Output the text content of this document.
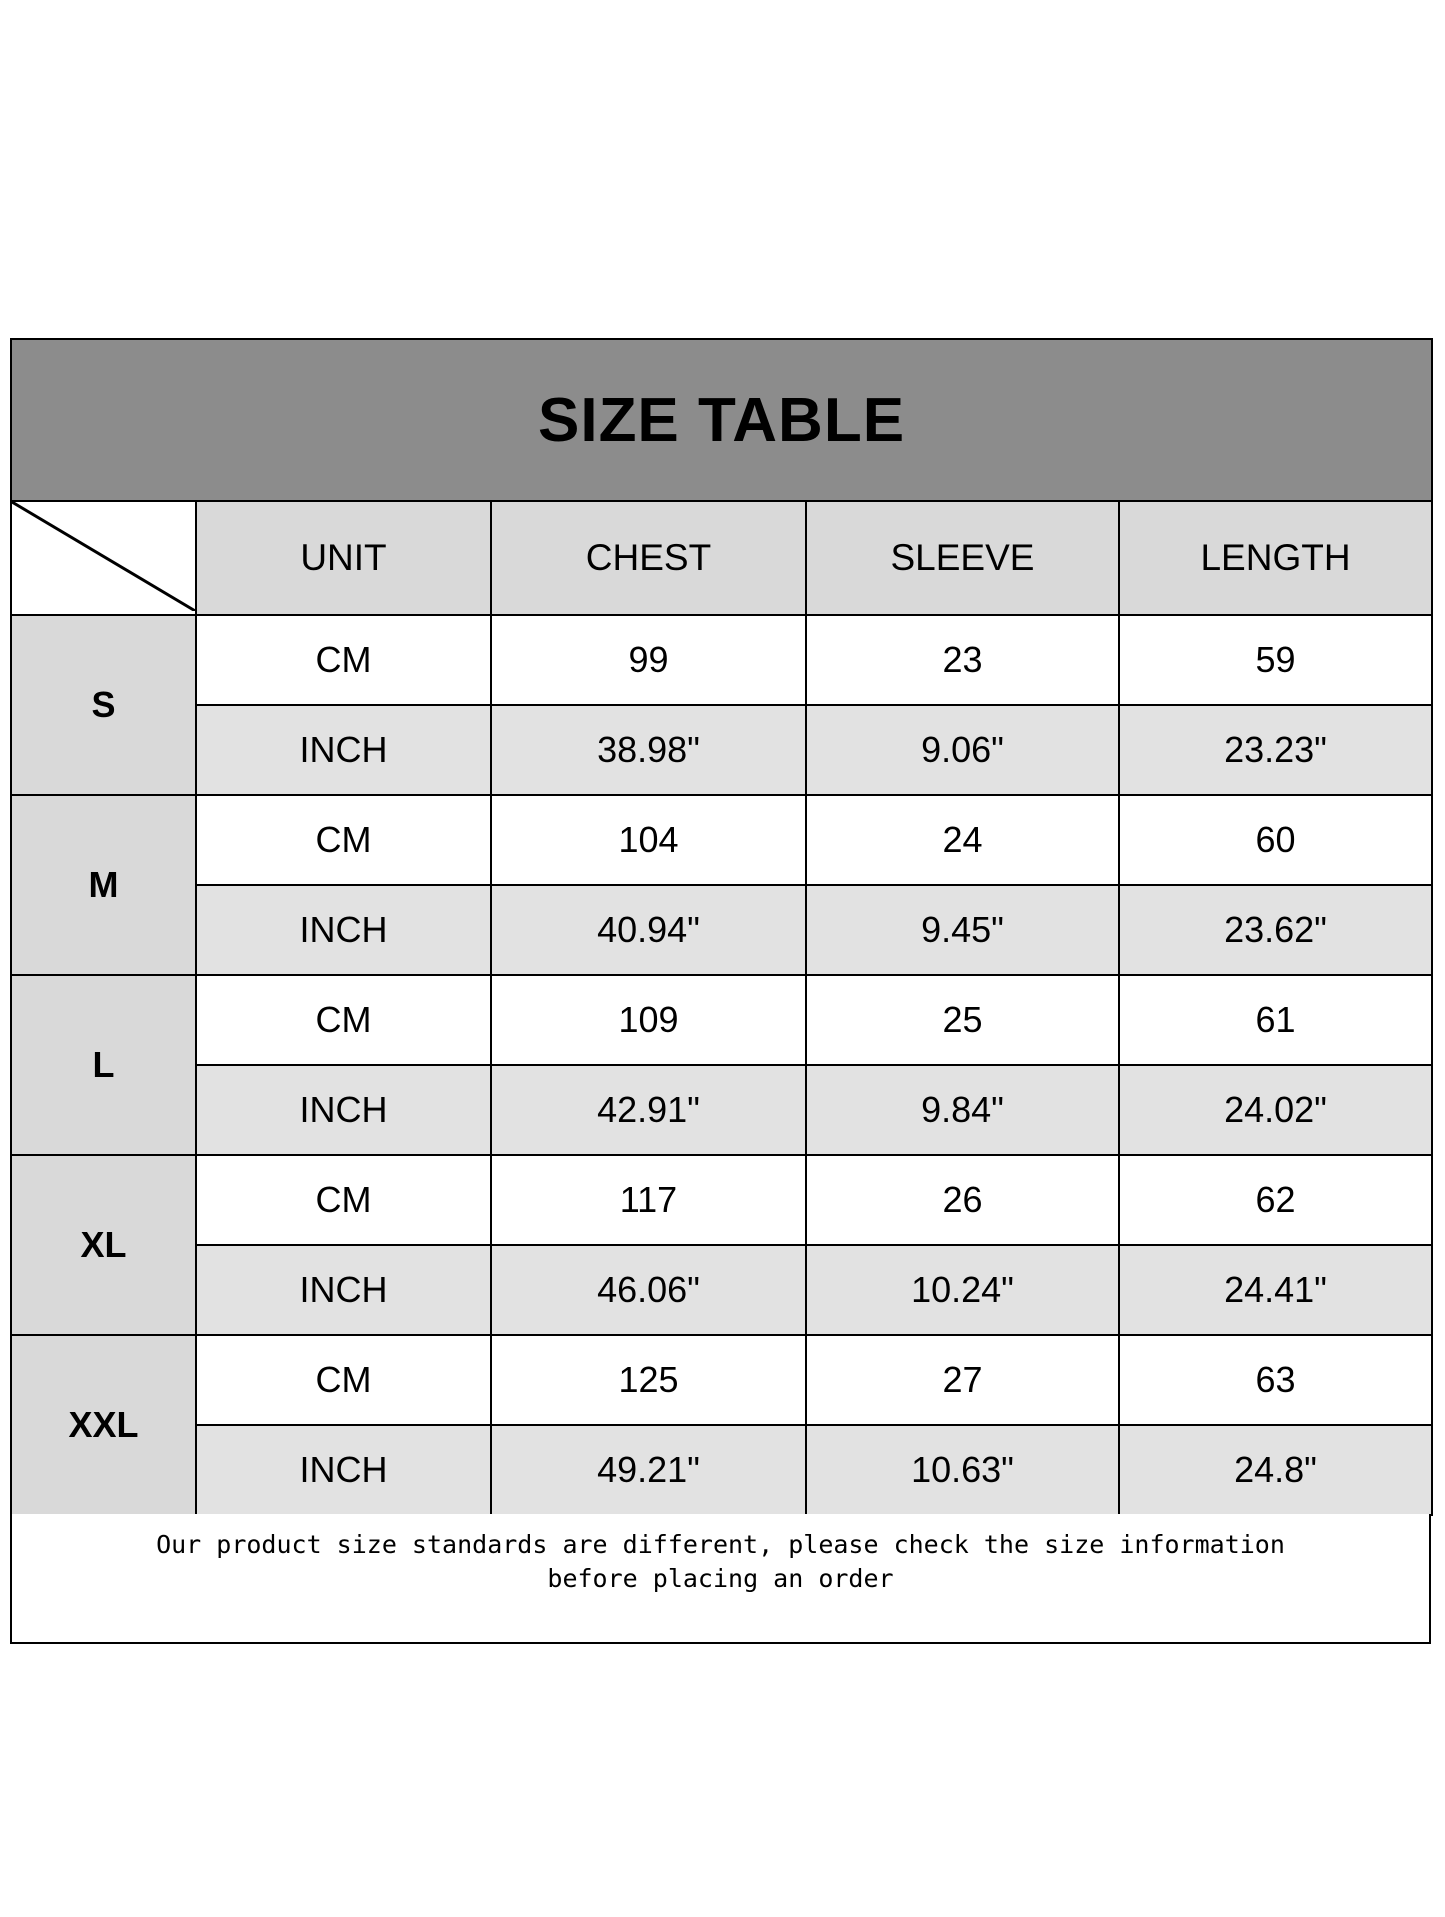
SIZE TABLE				

	UNIT	CHEST	SLEEVE	LENGTH
S	CM	99	23	59
	INCH	38.98"	9.06"	23.23"
M	CM	104	24	60
	INCH	40.94"	9.45"	23.62"
L	CM	109	25	61
	INCH	42.91"	9.84"	24.02"
XL	CM	117	26	62
	INCH	46.06"	10.24"	24.41"
XXL	CM	125	27	63
	INCH	49.21"	10.63"	24.8"
Our product size standards are different, please check the size information
before placing an order
